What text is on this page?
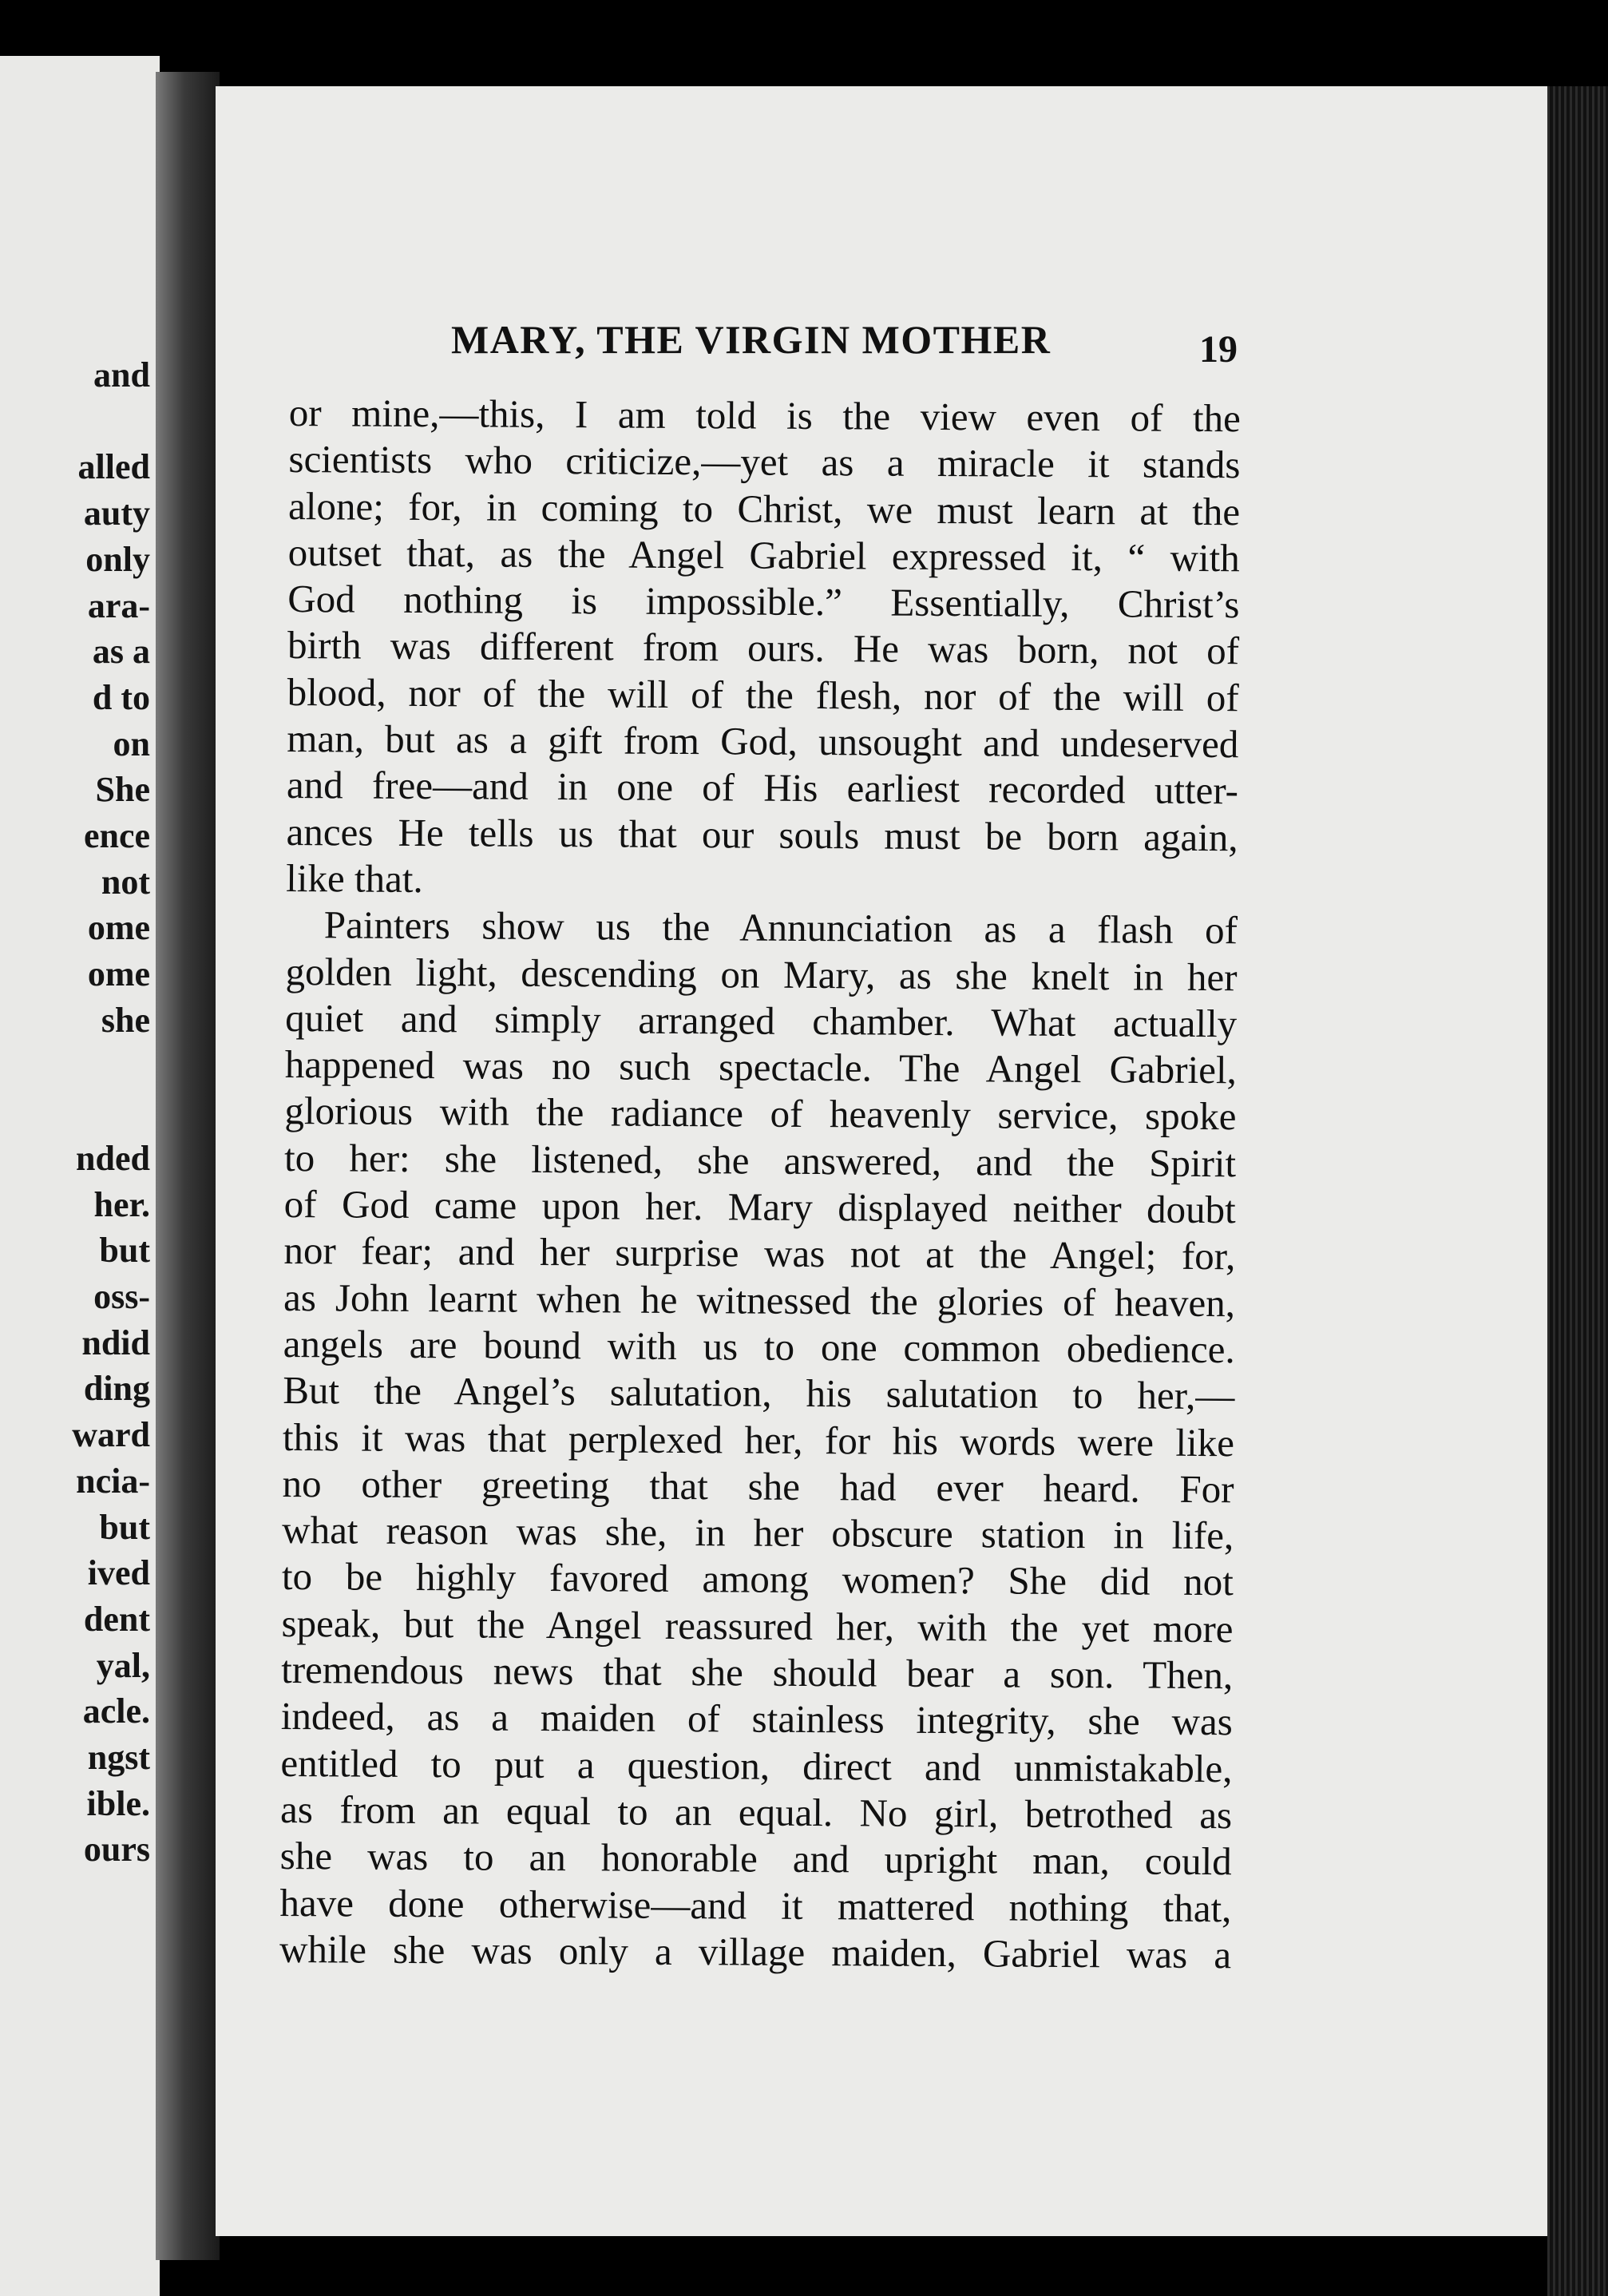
MARY, THE VIRGIN MOTHER	19
and
alled
auty
only
ara-
as a
d to
on
She
ence
not
ome
ome
she
nded
her.
but
oss-
ndid
ding
ward
ncia-
but
ived
dent
yal,
acle.
ngst
ible.
ours
or mine,—this, I am told is the view even of the
scientists who criticize,—yet as a miracle it stands
alone; for, in coming to Christ, we must learn at the
outset that, as the Angel Gabriel expressed it, “ with
God nothing is impossible.” Essentially, Christ’s
birth was different from ours. He was born, not of
blood, nor of the will of the flesh, nor of the will of
man, but as a gift from God, unsought and undeserved
and free—and in one of His earliest recorded utter-
ances He tells us that our souls must be born again,
like that.
Painters show us the Annunciation as a flash of
golden light, descending on Mary, as she knelt in her
quiet and simply arranged chamber. What actually
happened was no such spectacle. The Angel Gabriel,
glorious with the radiance of heavenly service, spoke
to her: she listened, she answered, and the Spirit
of God came upon her. Mary displayed neither doubt
nor fear; and her surprise was not at the Angel; for,
as John learnt when he witnessed the glories of heaven,
angels are bound with us to one common obedience.
But the Angel’s salutation, his salutation to her,—
this it was that perplexed her, for his words were like
no other greeting that she had ever heard. For
what reason was she, in her obscure station in life,
to be highly favored among women? She did not
speak, but the Angel reassured her, with the yet more
tremendous news that she should bear a son. Then,
indeed, as a maiden of stainless integrity, she was
entitled to put a question, direct and unmistakable,
as from an equal to an equal. No girl, betrothed as
she was to an honorable and upright man, could
have done otherwise—and it mattered nothing that,
while she was only a village maiden, Gabriel was a
